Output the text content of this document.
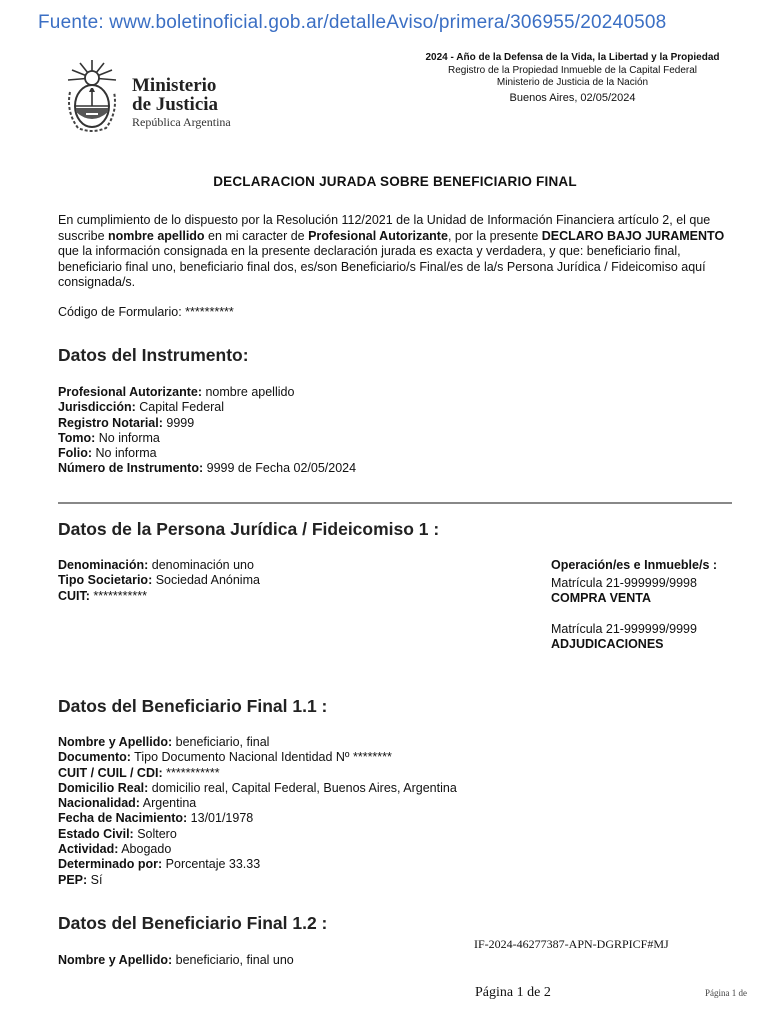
Fuente: www.boletinoficial.gob.ar/detalleAviso/primera/306955/20240508
Ministerio
de Justicia
República Argentina
2024 - Año de la Defensa de la Vida, la Libertad y la Propiedad
Registro de la Propiedad Inmueble de la Capital Federal
Ministerio de Justicia de la Nación
Buenos Aires, 02/05/2024
DECLARACION JURADA SOBRE BENEFICIARIO FINAL
En cumplimiento de lo dispuesto por la Resolución 112/2021 de la Unidad de Información Financiera artículo 2, el que suscribe nombre apellido en mi caracter de Profesional Autorizante, por la presente DECLARO BAJO JURAMENTO que la información consignada en la presente declaración jurada es exacta y verdadera, y que: beneficiario final, beneficiario final uno, beneficiario final dos, es/son Beneficiario/s Final/es de la/s Persona Jurídica / Fideicomiso aquí consignada/s.
Código de Formulario: **********
Datos del Instrumento:
Profesional Autorizante: nombre apellido
Jurisdicción: Capital Federal
Registro Notarial: 9999
Tomo: No informa
Folio: No informa
Número de Instrumento: 9999 de Fecha 02/05/2024
Datos de la Persona Jurídica / Fideicomiso 1 :
Denominación: denominación uno
Tipo Societario: Sociedad Anónima
CUIT: ***********
Operación/es e Inmueble/s :
Matrícula 21-999999/9998
COMPRA VENTA
Matrícula 21-999999/9999
ADJUDICACIONES
Datos del Beneficiario Final 1.1 :
Nombre y Apellido: beneficiario, final
Documento: Tipo Documento Nacional Identidad Nº ********
CUIT / CUIL / CDI: ***********
Domicilio Real: domicilio real, Capital Federal, Buenos Aires, Argentina
Nacionalidad: Argentina
Fecha de Nacimiento: 13/01/1978
Estado Civil: Soltero
Actividad: Abogado
Determinado por: Porcentaje 33.33
PEP: Sí
Datos del Beneficiario Final 1.2 :
IF-2024-46277387-APN-DGRPICF#MJ
Nombre y Apellido: beneficiario, final uno
Página 1 de 2	Página 1 de
